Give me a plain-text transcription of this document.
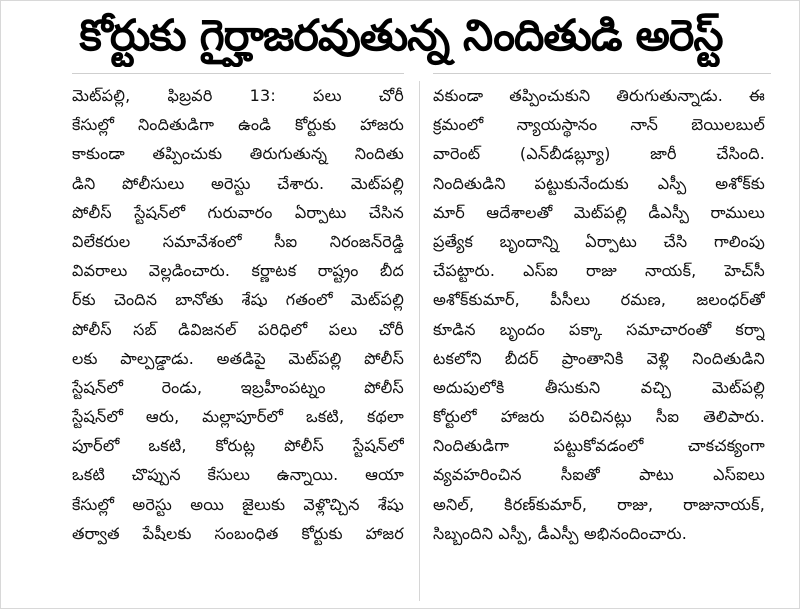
కోర్టుకు గైర్హాజరవుతున్న నిందితుడి అరెస్ట్
మెట్‌పల్లి, ఫిబ్రవరి 13: పలు చోరీ
కేసుల్లో నిందితుడిగా ఉండి కోర్టుకు హాజరు
కాకుండా తప్పించుకు తిరుగుతున్న నిందితు
డిని పోలీసులు అరెస్టు చేశారు. మెట్‌పల్లి
పోలీస్ స్టేషన్‌లో గురువారం ఏర్పాటు చేసిన
విలేకరుల సమావేశంలో సీఐ నిరంజన్‌రెడ్డి
వివరాలు వెల్లడించారు. కర్ణాటక రాష్ట్రం బీద
ర్‌కు చెందిన బానోతు శేషు గతంలో మెట్‌పల్లి
పోలీస్ సబ్ డివిజనల్ పరిధిలో పలు చోరీ
లకు పాల్పడ్డాడు. అతడిపై మెట్‌పల్లి పోలీస్
స్టేషన్‌లో రెండు, ఇబ్రహీంపట్నం పోలీస్
స్టేషన్‌లో ఆరు, మల్లాపూర్‌లో ఒకటి, కథలా
పూర్‌లో ఒకటి, కోరుట్ల పోలీస్ స్టేషన్‌లో
ఒకటి చొప్పున కేసులు ఉన్నాయి. ఆయా
కేసుల్లో అరెస్టు అయి జైలుకు వెళ్లొచ్చిన శేషు
తర్వాత పేషీలకు సంబంధిత కోర్టుకు హాజర
వకుండా తప్పించుకుని తిరుగుతున్నాడు. ఈ
క్రమంలో న్యాయస్థానం నాన్ బెయిలబుల్
వారెంట్ (ఎన్‌బీడబ్ల్యూ) జారీ చేసింది.
నిందితుడిని పట్టుకునేందుకు ఎస్పీ అశోక్‌కు
మార్ ఆదేశాలతో మెట్‌పల్లి డీఎస్పీ రాములు
ప్రత్యేక బృందాన్ని ఏర్పాటు చేసి గాలింపు
చేపట్టారు. ఎస్ఐ రాజు నాయక్, హెచ్‌సీ
అశోక్‌కుమార్, పీసీలు రమణ, జలంధర్‌తో
కూడిన బృందం పక్కా సమాచారంతో కర్నా
టకలోని బీదర్ ప్రాంతానికి వెళ్లి నిందితుడిని
అదుపులోకి తీసుకుని వచ్చి మెట్‌పల్లి
కోర్టులో హాజరు పరిచినట్లు సీఐ తెలిపారు.
నిందితుడిగా పట్టుకోవడంలో చాకచక్యంగా
వ్యవహరించిన సీఐతో పాటు ఎస్ఐలు
అనిల్, కిరణ్‌కుమార్, రాజు, రాజునాయక్,
సిబ్బందిని ఎస్పీ, డీఎస్పీ అభినందించారు.
